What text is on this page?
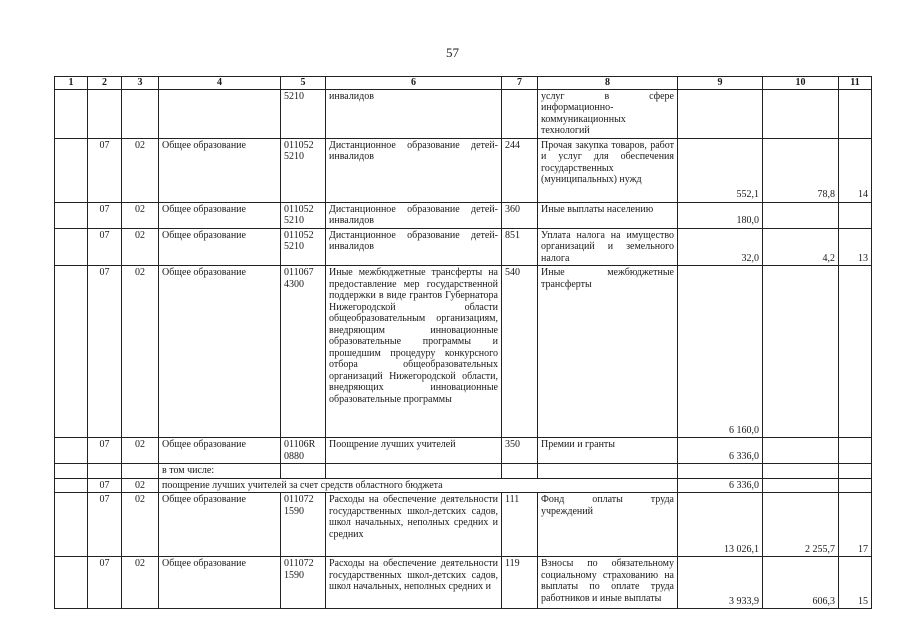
57
1	2	3	4	5	6	7	8	9	10	11
				5210	инвалидов		услуг в сфере информационно-коммуникационных технологий			
	07	02	Общее образование	011052 5210	Дистанционное образование детей-инвалидов	244	Прочая закупка товаров, работ и услуг для обеспечения государственных (муниципальных) нужд	552,1	78,8	14
	07	02	Общее образование	011052 5210	Дистанционное образование детей-инвалидов	360	Иные выплаты населению	180,0		
	07	02	Общее образование	011052 5210	Дистанционное образование детей-инвалидов	851	Уплата налога на имущество организаций и земельного налога	32,0	4,2	13
	07	02	Общее образование	011067 4300	Иные межбюджетные трансферты на предоставление мер государственной поддержки в виде грантов Губернатора Нижегородской области общеобразовательным организациям, внедряющим инновационные образовательные программы и прошедшим процедуру конкурсного отбора общеобразовательных организаций Нижегородской области, внедряющих инновационные образовательные программы	540	Иные межбюджетные трансферты	6 160,0		
	07	02	Общее образование	01106R 0880	Поощрение лучших учителей	350	Премии и гранты	6 336,0		
			в том числе:							
	07	02	поощрение лучших учителей за счет средств областного бюджета					6 336,0		
	07	02	Общее образование	011072 1590	Расходы на обеспечение деятельности государственных школ-детских садов, школ начальных, неполных средних и средних	111	Фонд оплаты труда учреждений	13 026,1	2 255,7	17
	07	02	Общее образование	011072 1590	Расходы на обеспечение деятельности государственных школ-детских садов, школ начальных, неполных средних и	119	Взносы по обязательному социальному страхованию на выплаты по оплате труда работников и иные выплаты	3 933,9	606,3	15
